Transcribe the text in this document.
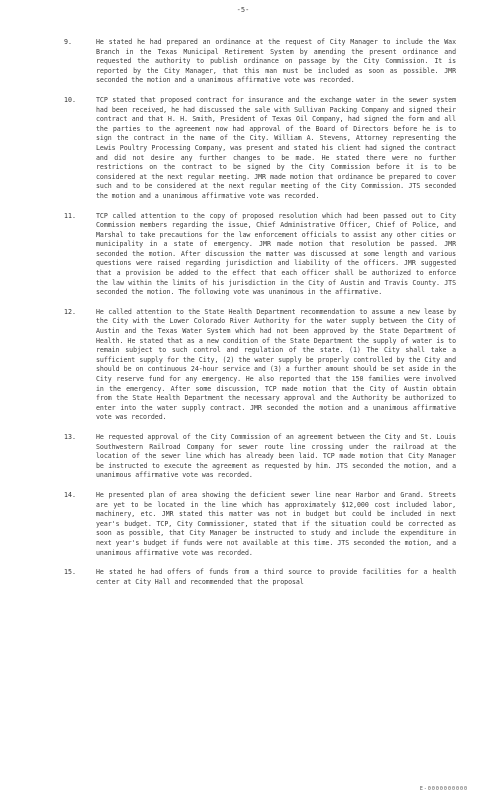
-5-
9.	He stated he had prepared an ordinance at the request of City Manager to include the Wax Branch in the Texas Municipal Retirement System by amending the present ordinance and requested the authority to publish ordinance on passage by the City Commission. It is reported by the City Manager, that this man must be included as soon as possible. JMR seconded the motion and a unanimous affirmative vote was recorded.

10.	TCP stated that proposed contract for insurance and the exchange water in the sewer system had been received, he had discussed the sale with Sullivan Packing Company and signed their contract and that H. H. Smith, President of Texas Oil Company, had signed the form and all the parties to the agreement now had approval of the Board of Directors before he is to sign the contract in the name of the City. William A. Stevens, Attorney representing the Lewis Poultry Processing Company, was present and stated his client had signed the contract and did not desire any further changes to be made. He stated there were no further restrictions on the contract to be signed by the City Commission before it is to be considered at the next regular meeting. JMR made motion that ordinance be prepared to cover such and to be considered at the next regular meeting of the City Commission. JTS seconded the motion and a unanimous affirmative vote was recorded.

11.	TCP called attention to the copy of proposed resolution which had been passed out to City Commission members regarding the issue, Chief Administrative Officer, Chief of Police, and Marshal to take precautions for the law enforcement officials to assist any other cities or municipality in a state of emergency. JMR made motion that resolution be passed. JMR seconded the motion. After discussion the matter was discussed at some length and various questions were raised regarding jurisdiction and liability of the officers. JMR suggested that a provision be added to the effect that each officer shall be authorized to enforce the law within the limits of his jurisdiction in the City of Austin and Travis County. JTS seconded the motion. The following vote was unanimous in the affirmative.

12.	He called attention to the State Health Department recommendation to assume a new lease by the City with the Lower Colorado River Authority for the water supply between the City of Austin and the Texas Water System which had not been approved by the State Department of Health. He stated that as a new condition of the State Department the supply of water is to remain subject to such control and regulation of the state. (1) The City shall take a sufficient supply for the City, (2) the water supply be properly controlled by the City and should be on continuous 24-hour service and (3) a further amount should be set aside in the City reserve fund for any emergency. He also reported that the 150 families were involved in the emergency. After some discussion, TCP made motion that the City of Austin obtain from the State Health Department the necessary approval and the Authority be authorized to enter into the water supply contract. JMR seconded the motion and a unanimous affirmative vote was recorded.

13.	He requested approval of the City Commission of an agreement between the City and St. Louis Southwestern Railroad Company for sewer route line crossing under the railroad at the location of the sewer line which has already been laid. TCP made motion that City Manager be instructed to execute the agreement as requested by him. JTS seconded the motion, and a unanimous affirmative vote was recorded.

14.	He presented plan of area showing the deficient sewer line near Harbor and Grand. Streets are yet to be located in the line which has approximately $12,000 cost included labor, machinery, etc. JMR stated this matter was not in budget but could be included in next year's budget. TCP, City Commissioner, stated that if the situation could be corrected as soon as possible, that City Manager be instructed to study and include the expenditure in next year's budget if funds were not available at this time. JTS seconded the motion, and a unanimous affirmative vote was recorded.

15.	He stated he had offers of funds from a third source to provide facilities for a health center at City Hall and recommended that the proposal

E-0000000000
